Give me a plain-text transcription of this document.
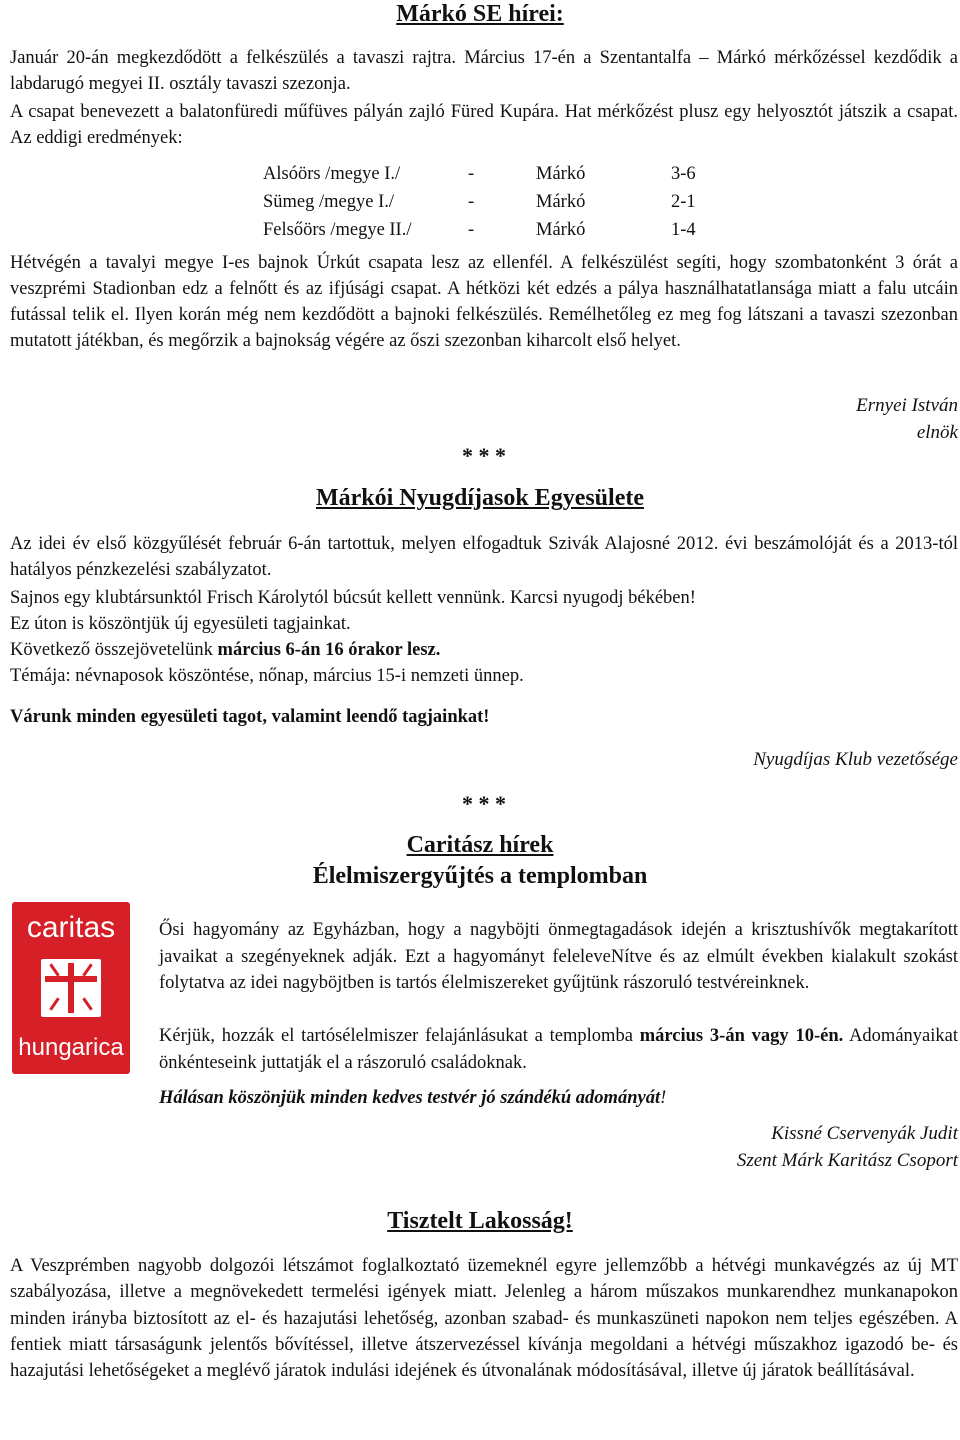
Márkó SE hírei:

Január 20-án megkezdődött a felkészülés a tavaszi rajtra. Március 17-én a Szentantalfa – Márkó mérkőzéssel kezdődik a labdarugó megyei II. osztály tavaszi szezonja.

A csapat benevezett a balatonfüredi műfüves pályán zajló Füred Kupára. Hat mérkőzést plusz egy helyosztót játszik a csapat. Az eddigi eredmények:

Alsóörs /megye I./	-	Márkó	3-6
Sümeg /megye I./	-	Márkó	2-1
Felsőörs /megye II./	-	Márkó	1-4

Hétvégén a tavalyi megye I-es bajnok Úrkút csapata lesz az ellenfél. A felkészülést segíti, hogy szombatonként 3 órát a veszprémi Stadionban edz a felnőtt és az ifjúsági csapat. A hétközi két edzés a pálya használhatatlansága miatt a falu utcáin futással telik el. Ilyen korán még nem kezdődött a bajnoki felkészülés. Remélhetőleg ez meg fog látszani a tavaszi szezonban mutatott játékban, és megőrzik a bajnokság végére az őszi szezonban kiharcolt első helyet.

Ernyei István

elnök

* * *
Márkói Nyugdíjasok Egyesülete

Az idei év első közgyűlését február 6-án tartottuk, melyen elfogadtuk Szivák Alajosné 2012. évi beszámolóját és a 2013-tól hatályos pénzkezelési szabályzatot.

Sajnos egy klubtársunktól Frisch Károlytól búcsút kellett vennünk. Karcsi nyugodj békében!

Ez úton is köszöntjük új egyesületi tagjainkat.

Következő összejövetelünk március 6-án 16 órakor lesz.

Témája: névnaposok köszöntése, nőnap, március 15-i nemzeti ünnep.

Várunk minden egyesületi tagot, valamint leendő tagjainkat!

Nyugdíjas Klub vezetősége

* * *
Caritász hírek
Élelmiszergyűjtés a templomban
caritas
hungarica

Ősi hagyomány az Egyházban, hogy a nagyböjti önmegtagadások idején a krisztushívők megtakarított javaikat a szegényeknek adják. Ezt a hagyományt feleleveNítve és az elmúlt években kialakult szokást folytatva az idei nagyböjtben is tartós élelmiszereket gyűjtünk rászoruló testvéreinknek.

Kérjük, hozzák el tartósélelmiszer felajánlásukat a templomba március 3-án vagy 10-én. Adományaikat önkénteseink juttatják el a rászoruló családoknak.

Hálásan köszönjük minden kedves testvér jó szándékú adományát!

Kissné Cservenyák Judit

Szent Márk Karitász Csoport

Tisztelt Lakosság!

A Veszprémben nagyobb dolgozói létszámot foglalkoztató üzemeknél egyre jellemzőbb a hétvégi munkavégzés az új MT szabályozása, illetve a megnövekedett termelési igények miatt. Jelenleg a három műszakos munkarendhez munkanapokon minden irányba biztosított az el- és hazajutási lehetőség, azonban szabad- és munkaszüneti napokon nem teljes egészében. A fentiek miatt társaságunk jelentős bővítéssel, illetve átszervezéssel kívánja megoldani a hétvégi műszakhoz igazodó be- és hazajutási lehetőségeket a meglévő járatok indulási idejének és útvonalának módosításával, illetve új járatok beállításával.
